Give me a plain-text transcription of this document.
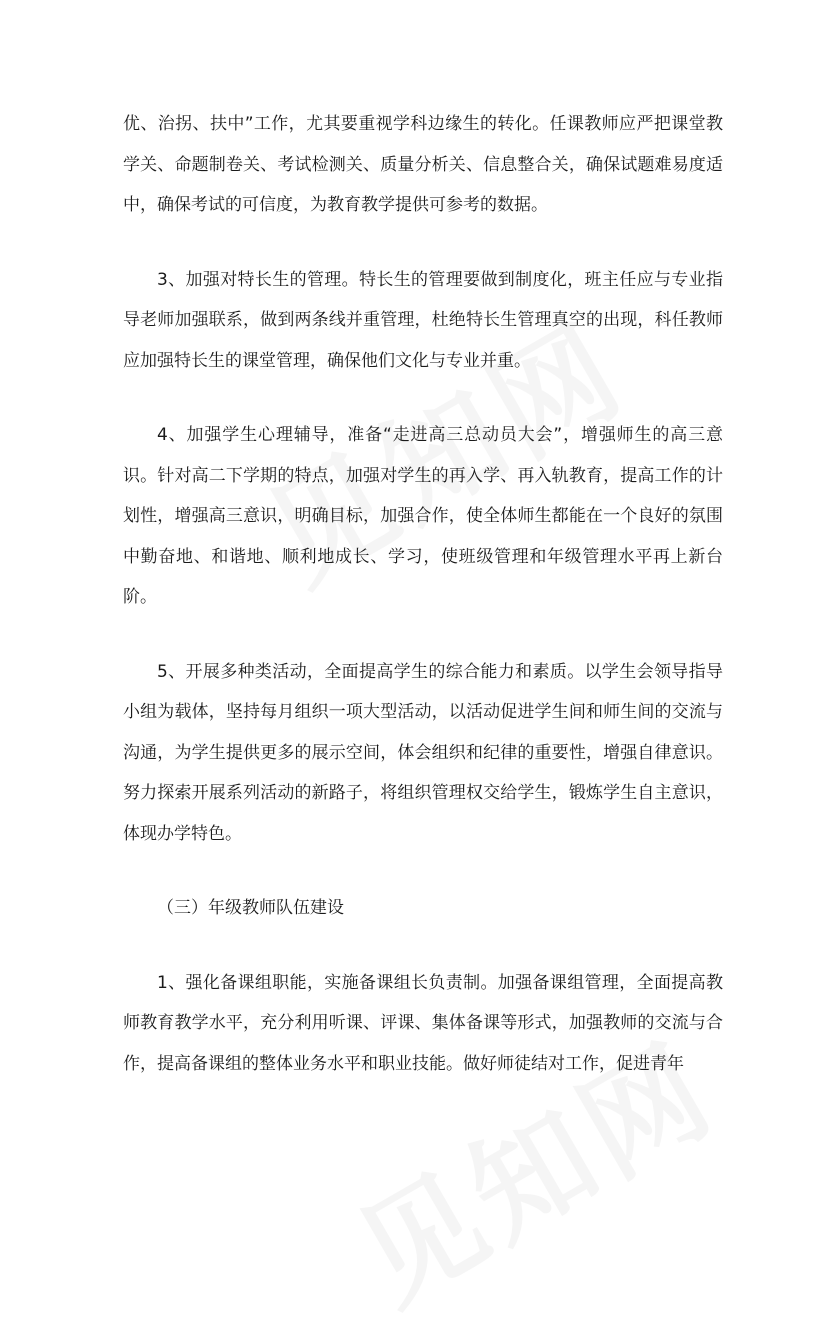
优、治拐、扶中”工作，尤其要重视学科边缘生的转化。任课教师应严把课堂教学关、命题制卷关、考试检测关、质量分析关、信息整合关，确保试题难易度适中，确保考试的可信度，为教育教学提供可参考的数据。

3、加强对特长生的管理。特长生的管理要做到制度化，班主任应与专业指导老师加强联系，做到两条线并重管理，杜绝特长生管理真空的出现，科任教师应加强特长生的课堂管理，确保他们文化与专业并重。

4、加强学生心理辅导，准备“走进高三总动员大会”，增强师生的高三意识。针对高二下学期的特点，加强对学生的再入学、再入轨教育，提高工作的计划性，增强高三意识，明确目标，加强合作，使全体师生都能在一个良好的氛围中勤奋地、和谐地、顺利地成长、学习，使班级管理和年级管理水平再上新台阶。

5、开展多种类活动，全面提高学生的综合能力和素质。以学生会领导指导小组为载体，坚持每月组织一项大型活动，以活动促进学生间和师生间的交流与沟通，为学生提供更多的展示空间，体会组织和纪律的重要性，增强自律意识。努力探索开展系列活动的新路子，将组织管理权交给学生，锻炼学生自主意识，体现办学特色。

（三）年级教师队伍建设

1、强化备课组职能，实施备课组长负责制。加强备课组管理，全面提高教师教育教学水平，充分利用听课、评课、集体备课等形式，加强教师的交流与合作，提高备课组的整体业务水平和职业技能。做好师徒结对工作，促进青年
